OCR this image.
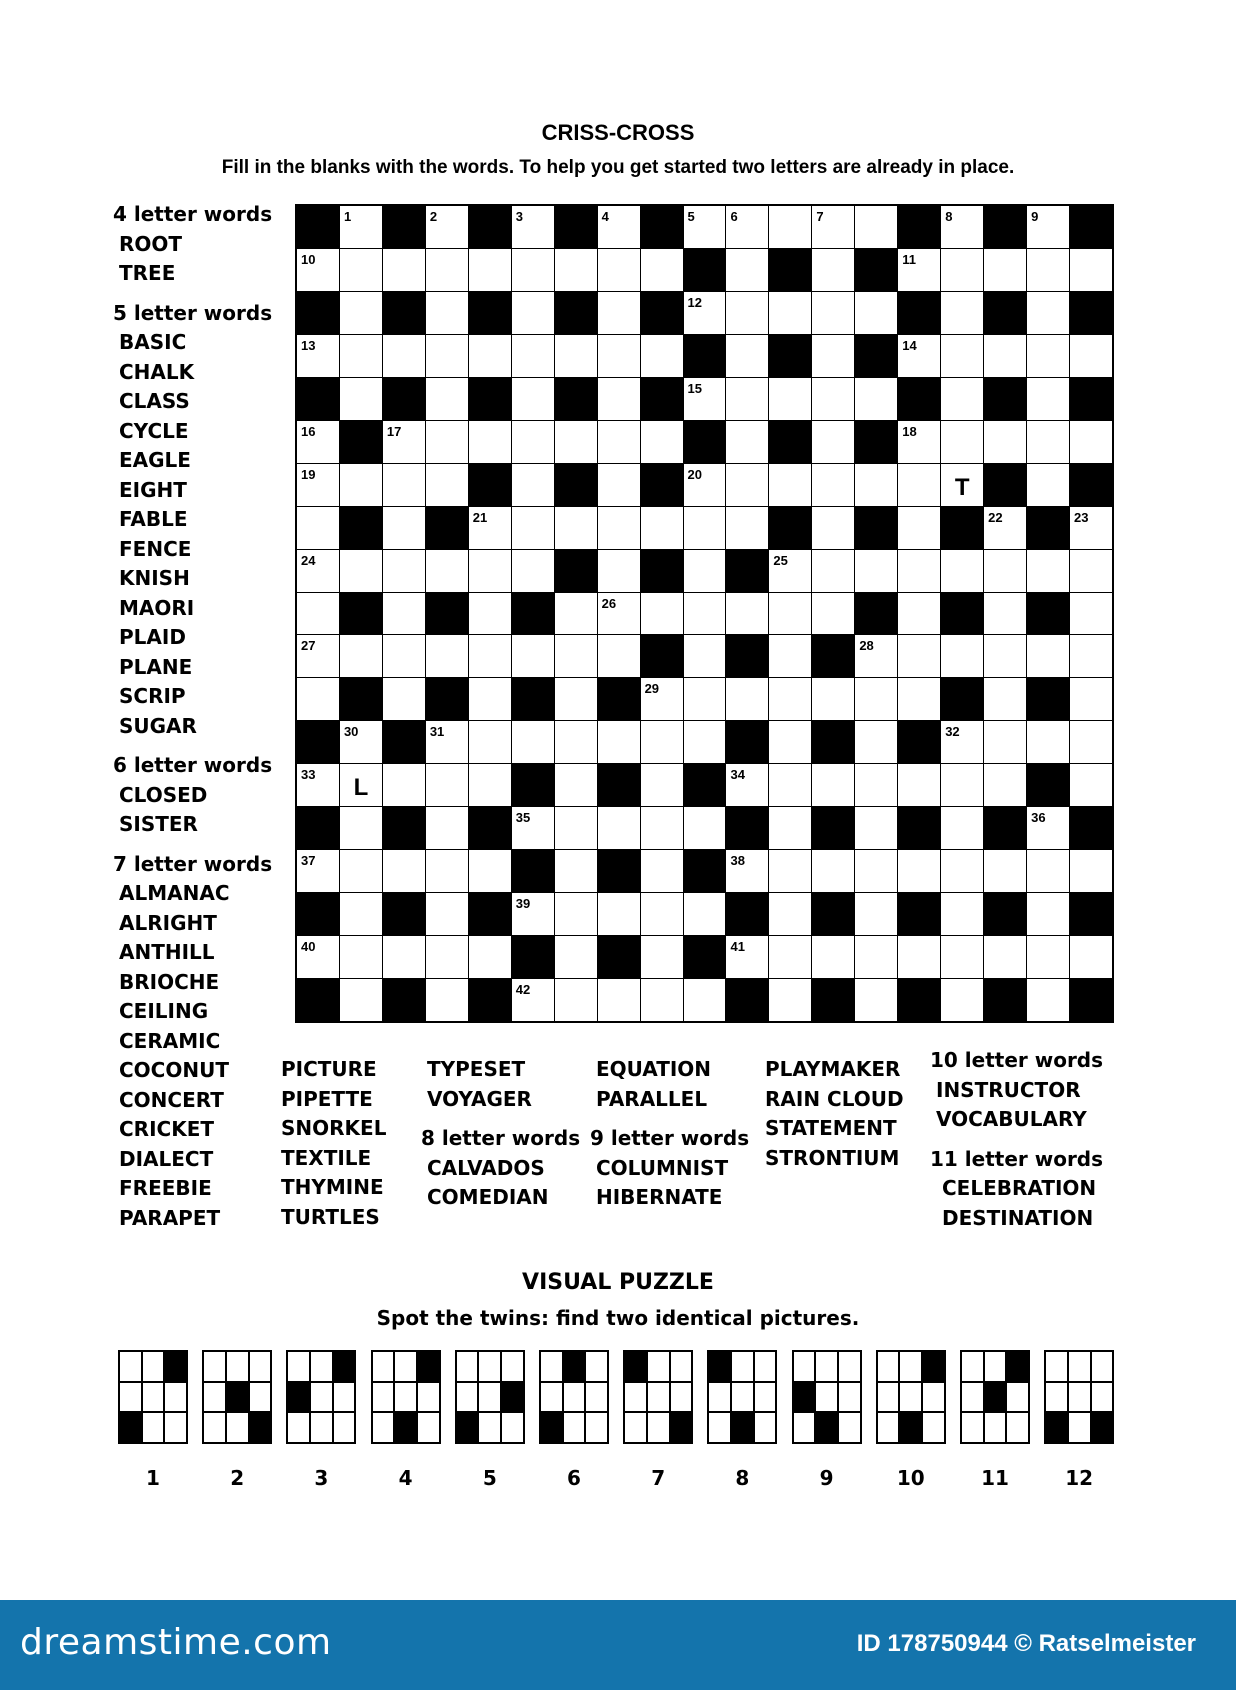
CRISS-CROSS
Fill in the blanks with the words. To help you get started two letters are already in place.
1	2	3	4	5	6	7	8	9
10	11
12
13	14
15
16	17	18
19	20	T
21	22	23
24	25
26
27	28
29
30	31	32
33	L	34
35	36
37	38
39
40	41
42
4 letter words
ROOT
TREE
5 letter words
BASIC
CHALK
CLASS
CYCLE
EAGLE
EIGHT
FABLE
FENCE
KNISH
MAORI
PLAID
PLANE
SCRIP
SUGAR
6 letter words
CLOSED
SISTER
7 letter words
ALMANAC
ALRIGHT
ANTHILL
BRIOCHE
CEILING
CERAMIC
COCONUT
CONCERT
CRICKET
DIALECT
FREEBIE
PARAPET
PICTURE
PIPETTE
SNORKEL
TEXTILE
THYMINE
TURTLES
TYPESET
VOYAGER
8 letter words
CALVADOS
COMEDIAN
EQUATION
PARALLEL
9 letter words
COLUMNIST
HIBERNATE
PLAYMAKER
RAIN CLOUD
STATEMENT
STRONTIUM
10 letter words
INSTRUCTOR
VOCABULARY
11 letter words
CELEBRATION
DESTINATION
VISUAL PUZZLE
Spot the twins: find two identical pictures.
1	2	3	4	5	6	7	8	9	10	11	12
dreamstime.com	ID 178750944 © Ratselmeister
